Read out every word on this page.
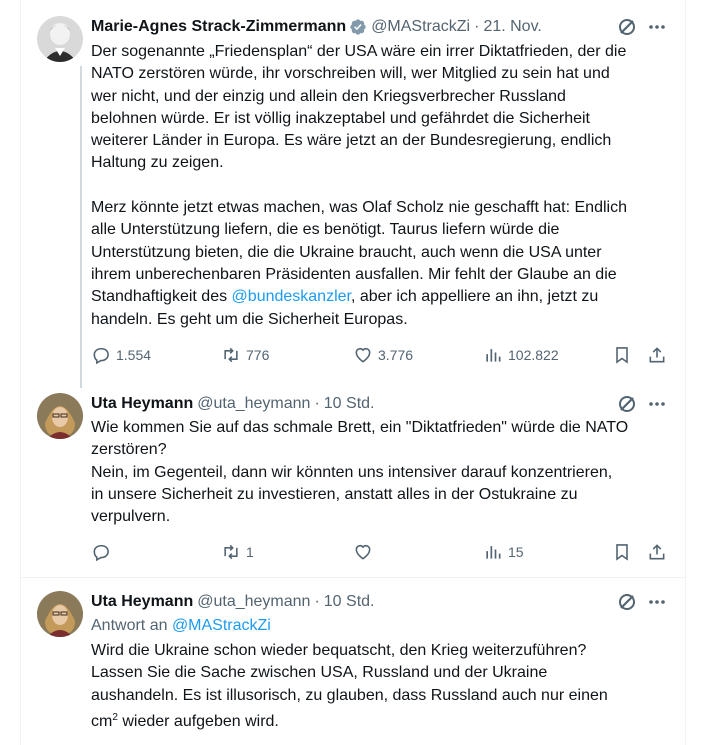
Marie-Agnes Strack-Zimmermann @MAStrackZi · 21. Nov.

Der sogenannte „Friedensplan“ der USA wäre ein irrer Diktatfrieden, der die

NATO zerstören würde, ihr vorschreiben will, wer Mitglied zu sein hat und

wer nicht, und der einzig und allein den Kriegsverbrecher Russland

belohnen würde. Er ist völlig inakzeptabel und gefährdet die Sicherheit

weiterer Länder in Europa. Es wäre jetzt an der Bundesregierung, endlich

Haltung zu zeigen.

Merz könnte jetzt etwas machen, was Olaf Scholz nie geschafft hat: Endlich

alle Unterstützung liefern, die es benötigt. Taurus liefern würde die

Unterstützung bieten, die die Ukraine braucht, auch wenn die USA unter

ihrem unberechenbaren Präsidenten ausfallen. Mir fehlt der Glaube an die

Standhaftigkeit des @bundeskanzler, aber ich appelliere an ihn, jetzt zu

handeln. Es geht um die Sicherheit Europas.

1.554	776	3.776	102.822
Uta Heymann @uta_heymann · 10 Std.

Wie kommen Sie auf das schmale Brett, ein "Diktatfrieden" würde die NATO

zerstören?

Nein, im Gegenteil, dann wir könnten uns intensiver darauf konzentrieren,

in unsere Sicherheit zu investieren, anstatt alles in der Ostukraine zu

verpulvern.

1	15
Uta Heymann @uta_heymann · 10 Std.
Antwort an @MAStrackZi

Wird die Ukraine schon wieder bequatscht, den Krieg weiterzuführen?

Lassen Sie die Sache zwischen USA, Russland und der Ukraine

aushandeln. Es ist illusorisch, zu glauben, dass Russland auch nur einen

$cm^2$ wieder aufgeben wird.
